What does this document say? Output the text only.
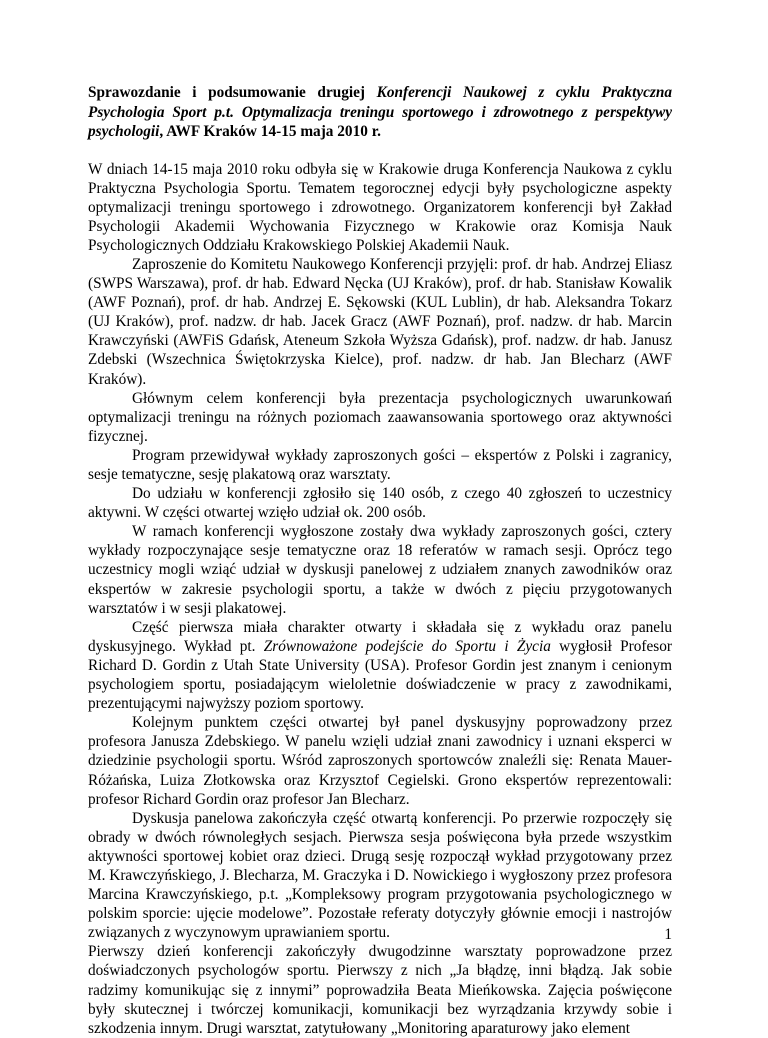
Sprawozdanie i podsumowanie drugiej Konferencji Naukowej z cyklu Praktyczna Psychologia Sport p.t. Optymalizacja treningu sportowego i zdrowotnego z perspektywy psychologii, AWF Kraków 14-15 maja 2010 r.

W dniach 14-15 maja 2010 roku odbyła się w Krakowie druga Konferencja Naukowa z cyklu Praktyczna Psychologia Sportu. Tematem tegorocznej edycji były psychologiczne aspekty optymalizacji treningu sportowego i zdrowotnego. Organizatorem konferencji był Zakład Psychologii Akademii Wychowania Fizycznego w Krakowie oraz Komisja Nauk Psychologicznych Oddziału Krakowskiego Polskiej Akademii Nauk.

Zaproszenie do Komitetu Naukowego Konferencji przyjęli: prof. dr hab. Andrzej Eliasz (SWPS Warszawa), prof. dr hab. Edward Nęcka (UJ Kraków), prof. dr hab. Stanisław Kowalik (AWF Poznań), prof. dr hab. Andrzej E. Sękowski (KUL Lublin), dr hab. Aleksandra Tokarz (UJ Kraków), prof. nadzw. dr hab. Jacek Gracz (AWF Poznań), prof. nadzw. dr hab. Marcin Krawczyński (AWFiS Gdańsk, Ateneum Szkoła Wyższa Gdańsk), prof. nadzw. dr hab. Janusz Zdebski (Wszechnica Świętokrzyska Kielce), prof. nadzw. dr hab. Jan Blecharz (AWF Kraków).

Głównym celem konferencji była prezentacja psychologicznych uwarunkowań optymalizacji treningu na różnych poziomach zaawansowania sportowego oraz aktywności fizycznej.

Program przewidywał wykłady zaproszonych gości – ekspertów z Polski i zagranicy, sesje tematyczne, sesję plakatową oraz warsztaty.

Do udziału w konferencji zgłosiło się 140 osób, z czego 40 zgłoszeń to uczestnicy aktywni. W części otwartej wzięło udział ok. 200 osób.

W ramach konferencji wygłoszone zostały dwa wykłady zaproszonych gości, cztery wykłady rozpoczynające sesje tematyczne oraz 18 referatów w ramach sesji. Oprócz tego uczestnicy mogli wziąć udział w dyskusji panelowej z udziałem znanych zawodników oraz ekspertów w zakresie psychologii sportu, a także w dwóch z pięciu przygotowanych warsztatów i w sesji plakatowej.

Część pierwsza miała charakter otwarty i składała się z wykładu oraz panelu dyskusyjnego. Wykład pt. Zrównoważone podejście do Sportu i Życia wygłosił Profesor Richard D. Gordin z Utah State University (USA). Profesor Gordin jest znanym i cenionym psychologiem sportu, posiadającym wieloletnie doświadczenie w pracy z zawodnikami, prezentującymi najwyższy poziom sportowy.

Kolejnym punktem części otwartej był panel dyskusyjny poprowadzony przez profesora Janusza Zdebskiego. W panelu wzięli udział znani zawodnicy i uznani eksperci w dziedzinie psychologii sportu. Wśród zaproszonych sportowców znaleźli się: Renata Mauer-Różańska, Luiza Złotkowska oraz Krzysztof Cegielski. Grono ekspertów reprezentowali: profesor Richard Gordin oraz profesor Jan Blecharz.

Dyskusja panelowa zakończyła część otwartą konferencji. Po przerwie rozpoczęły się obrady w dwóch równoległych sesjach. Pierwsza sesja poświęcona była przede wszystkim aktywności sportowej kobiet oraz dzieci. Drugą sesję rozpoczął wykład przygotowany przez M. Krawczyńskiego, J. Blecharza, M. Graczyka i D. Nowickiego i wygłoszony przez profesora Marcina Krawczyńskiego, p.t. „Kompleksowy program przygotowania psychologicznego w polskim sporcie: ujęcie modelowe”. Pozostałe referaty dotyczyły głównie emocji i nastrojów związanych z wyczynowym uprawianiem sportu.

Pierwszy dzień konferencji zakończyły dwugodzinne warsztaty poprowadzone przez doświadczonych psychologów sportu. Pierwszy z nich „Ja błądzę, inni błądzą. Jak sobie radzimy komunikując się z innymi” poprowadziła Beata Mieńkowska. Zajęcia poświęcone były skutecznej i twórczej komunikacji, komunikacji bez wyrządzania krzywdy sobie i szkodzenia innym. Drugi warsztat, zatytułowany „Monitoring aparaturowy jako element

1
